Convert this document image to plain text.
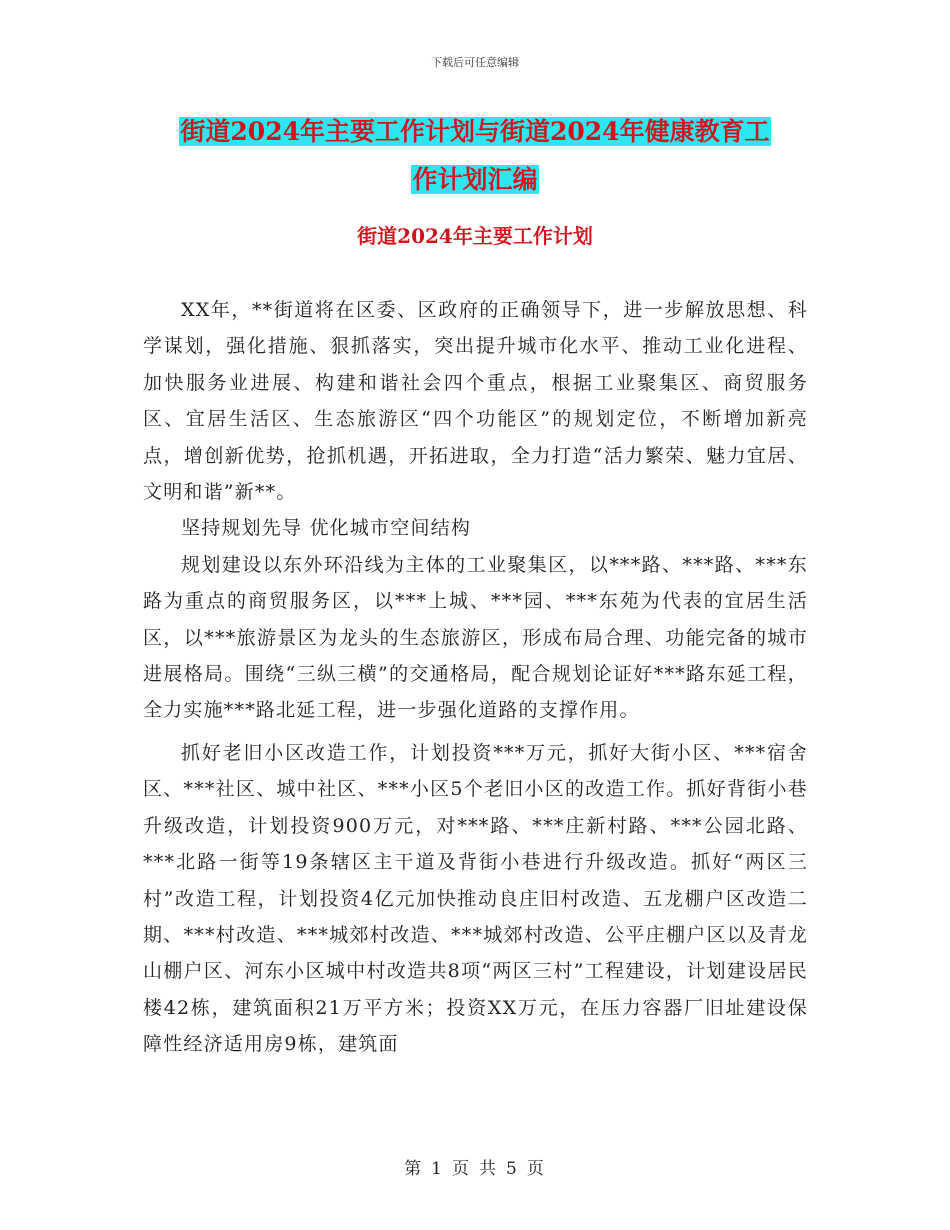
下载后可任意编辑
街道2024年主要工作计划与街道2024年健康教育工
作计划汇编
街道2024年主要工作计划

XX年，**街道将在区委、区政府的正确领导下，进一步解放思想、科学谋划，强化措施、狠抓落实，突出提升城市化水平、推动工业化进程、加快服务业进展、构建和谐社会四个重点，根据工业聚集区、商贸服务区、宜居生活区、生态旅游区“四个功能区”的规划定位，不断增加新亮点，增创新优势，抢抓机遇，开拓进取，全力打造“活力繁荣、魅力宜居、文明和谐”新**。

坚持规划先导 优化城市空间结构

规划建设以东外环沿线为主体的工业聚集区，以***路、***路、***东路为重点的商贸服务区，以***上城、***园、***东苑为代表的宜居生活区，以***旅游景区为龙头的生态旅游区，形成布局合理、功能完备的城市进展格局。围绕“三纵三横”的交通格局，配合规划论证好***路东延工程，全力实施***路北延工程，进一步强化道路的支撑作用。

抓好老旧小区改造工作，计划投资***万元，抓好大街小区、***宿舍区、***社区、城中社区、***小区5个老旧小区的改造工作。抓好背街小巷升级改造，计划投资900万元，对***路、***庄新村路、***公园北路、***北路一街等19条辖区主干道及背街小巷进行升级改造。抓好“两区三村”改造工程，计划投资4亿元加快推动良庄旧村改造、五龙棚户区改造二期、***村改造、***城郊村改造、***城郊村改造、公平庄棚户区以及青龙山棚户区、河东小区城中村改造共8项“两区三村”工程建设，计划建设居民楼42栋，建筑面积21万平方米；投资XX万元，在压力容器厂旧址建设保障性经济适用房9栋，建筑面

第 1 页 共 5 页
